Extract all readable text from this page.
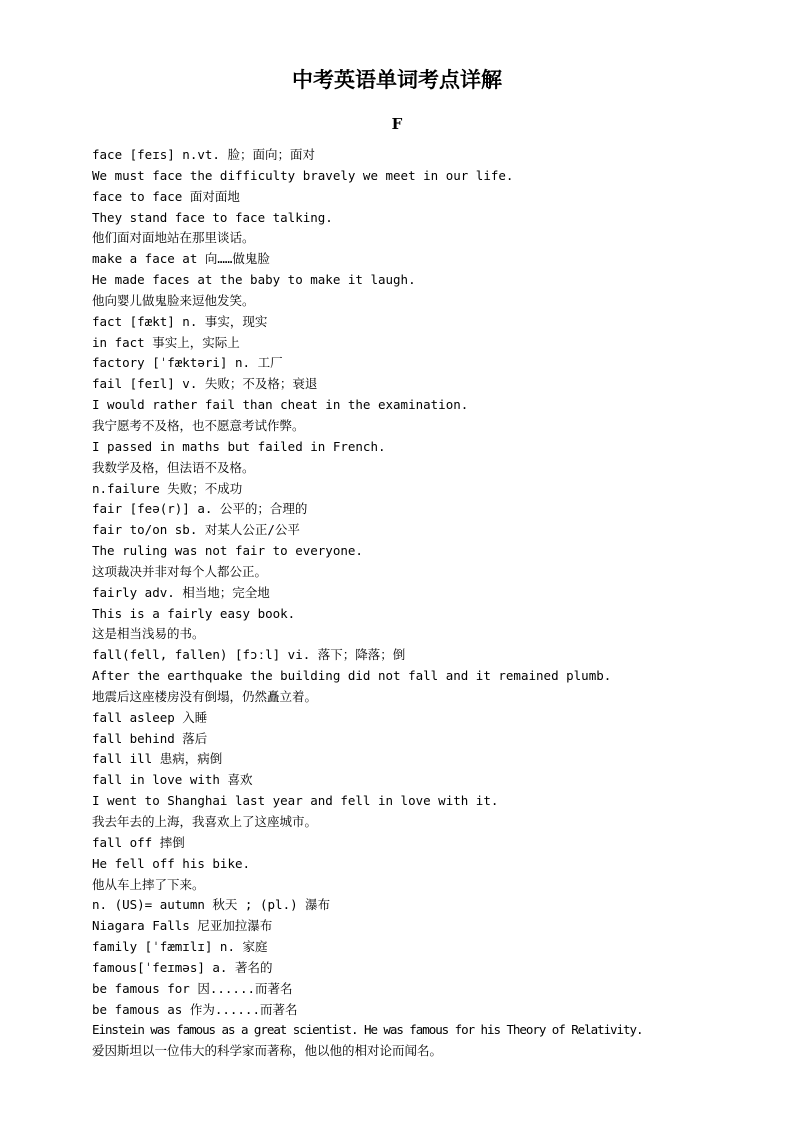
中考英语单词考点详解
F
face [feɪs] n.vt. 脸；面向；面对
We must face the difficulty bravely we meet in our life.
face to face 面对面地
They stand face to face talking.
他们面对面地站在那里谈话。
make a face at 向……做鬼脸
He made faces at the baby to make it laugh.
他向婴儿做鬼脸来逗他发笑。
fact [fækt] n. 事实，现实
in fact 事实上，实际上
factory [ˈfæktəri] n. 工厂
fail [feɪl] v. 失败；不及格；衰退
I would rather fail than cheat in the examination.
我宁愿考不及格，也不愿意考试作弊。
I passed in maths but failed in French.
我数学及格，但法语不及格。
n.failure 失败；不成功
fair [feə(r)] a. 公平的；合理的
fair to/on sb. 对某人公正/公平
The ruling was not fair to everyone.
这项裁决并非对每个人都公正。
fairly adv. 相当地；完全地
This is a fairly easy book.
这是相当浅易的书。
fall(fell, fallen) [fɔːl] vi. 落下；降落；倒
After the earthquake the building did not fall and it remained plumb.
地震后这座楼房没有倒塌，仍然矗立着。
fall asleep 入睡
fall behind 落后
fall ill 患病，病倒
fall in love with 喜欢
I went to Shanghai last year and fell in love with it.
我去年去的上海，我喜欢上了这座城市。
fall off 摔倒
He fell off his bike.
他从车上摔了下来。
n. (US)= autumn 秋天 ; (pl.) 瀑布
Niagara Falls 尼亚加拉瀑布
family [ˈfæmɪlɪ] n. 家庭
famous[ˈfeɪməs] a. 著名的
be famous for 因......而著名
be famous as 作为......而著名
Einstein was famous as a great scientist. He was famous for his Theory of Relativity.
爱因斯坦以一位伟大的科学家而著称，他以他的相对论而闻名。
